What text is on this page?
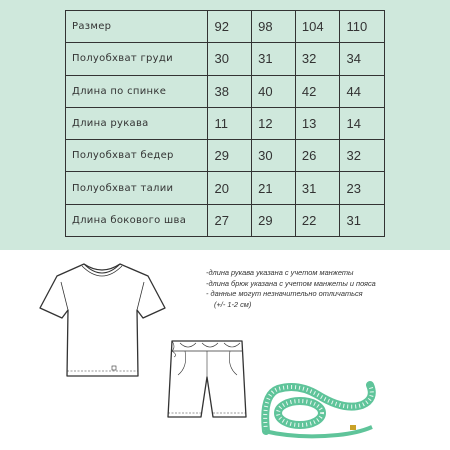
Размер	92	98	104	110
Полуобхват груди	30	31	32	34
Длина по спинке	38	40	42	44
Длина рукава	11	12	13	14
Полуобхват бедер	29	30	26	32
Полуобхват талии	20	21	31	23
Длина бокового шва	27	29	22	31
-длина рукава указана с учетом манжеты
-длина брюк указана с учетом манжеты и пояса
- данные могут незначительно отличаться
(+/- 1-2 см)
